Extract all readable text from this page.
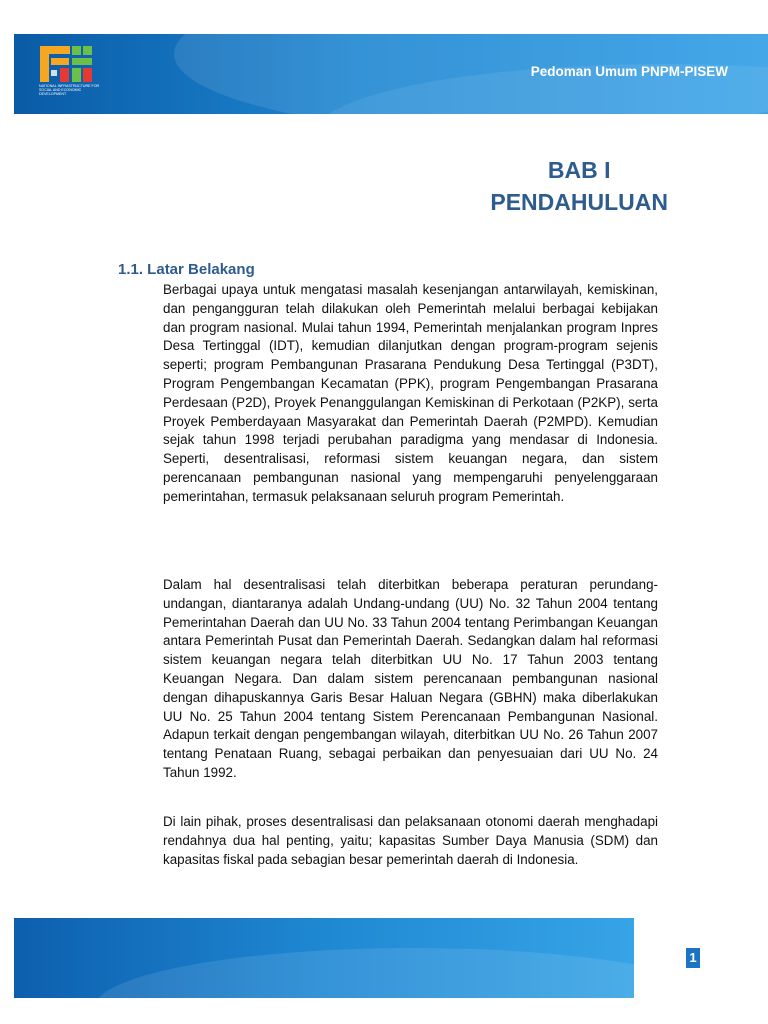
NATIONAL INFRASTRUCTURE FOR SOCIAL AND ECONOMIC DEVELOPMENT
Pedoman Umum PNPM-PISEW
BAB I
PENDAHULUAN
1.1. Latar Belakang

Berbagai upaya untuk mengatasi masalah kesenjangan antarwilayah, kemiskinan, dan pengangguran telah dilakukan oleh Pemerintah melalui berbagai kebijakan dan program nasional. Mulai tahun 1994, Pemerintah menjalankan program Inpres Desa Tertinggal (IDT), kemudian dilanjutkan dengan program-program sejenis seperti; program Pembangunan Prasarana Pendukung Desa Tertinggal (P3DT), Program Pengembangan Kecamatan (PPK), program Pengembangan Prasarana Perdesaan (P2D), Proyek Penanggulangan Kemiskinan di Perkotaan (P2KP), serta Proyek Pemberdayaan Masyarakat dan Pemerintah Daerah (P2MPD). Kemudian sejak tahun 1998 terjadi perubahan paradigma yang mendasar di Indonesia. Seperti, desentralisasi, reformasi sistem keuangan negara, dan sistem perencanaan pembangunan nasional yang mempengaruhi penyelenggaraan pemerintahan, termasuk pelaksanaan seluruh program Pemerintah.

Dalam hal desentralisasi telah diterbitkan beberapa peraturan perundang-undangan, diantaranya adalah Undang-undang (UU) No. 32 Tahun 2004 tentang Pemerintahan Daerah dan UU No. 33 Tahun 2004 tentang Perimbangan Keuangan antara Pemerintah Pusat dan Pemerintah Daerah. Sedangkan dalam hal reformasi sistem keuangan negara telah diterbitkan UU No. 17 Tahun 2003 tentang Keuangan Negara. Dan dalam sistem perencanaan pembangunan nasional dengan dihapuskannya Garis Besar Haluan Negara (GBHN) maka diberlakukan UU No. 25 Tahun 2004 tentang Sistem Perencanaan Pembangunan Nasional. Adapun terkait dengan pengembangan wilayah, diterbitkan UU No. 26 Tahun 2007 tentang Penataan Ruang, sebagai perbaikan dan penyesuaian dari UU No. 24 Tahun 1992.

Di lain pihak, proses desentralisasi dan pelaksanaan otonomi daerah menghadapi rendahnya dua hal penting, yaitu; kapasitas Sumber Daya Manusia (SDM) dan kapasitas fiskal pada sebagian besar pemerintah daerah di Indonesia.

1
